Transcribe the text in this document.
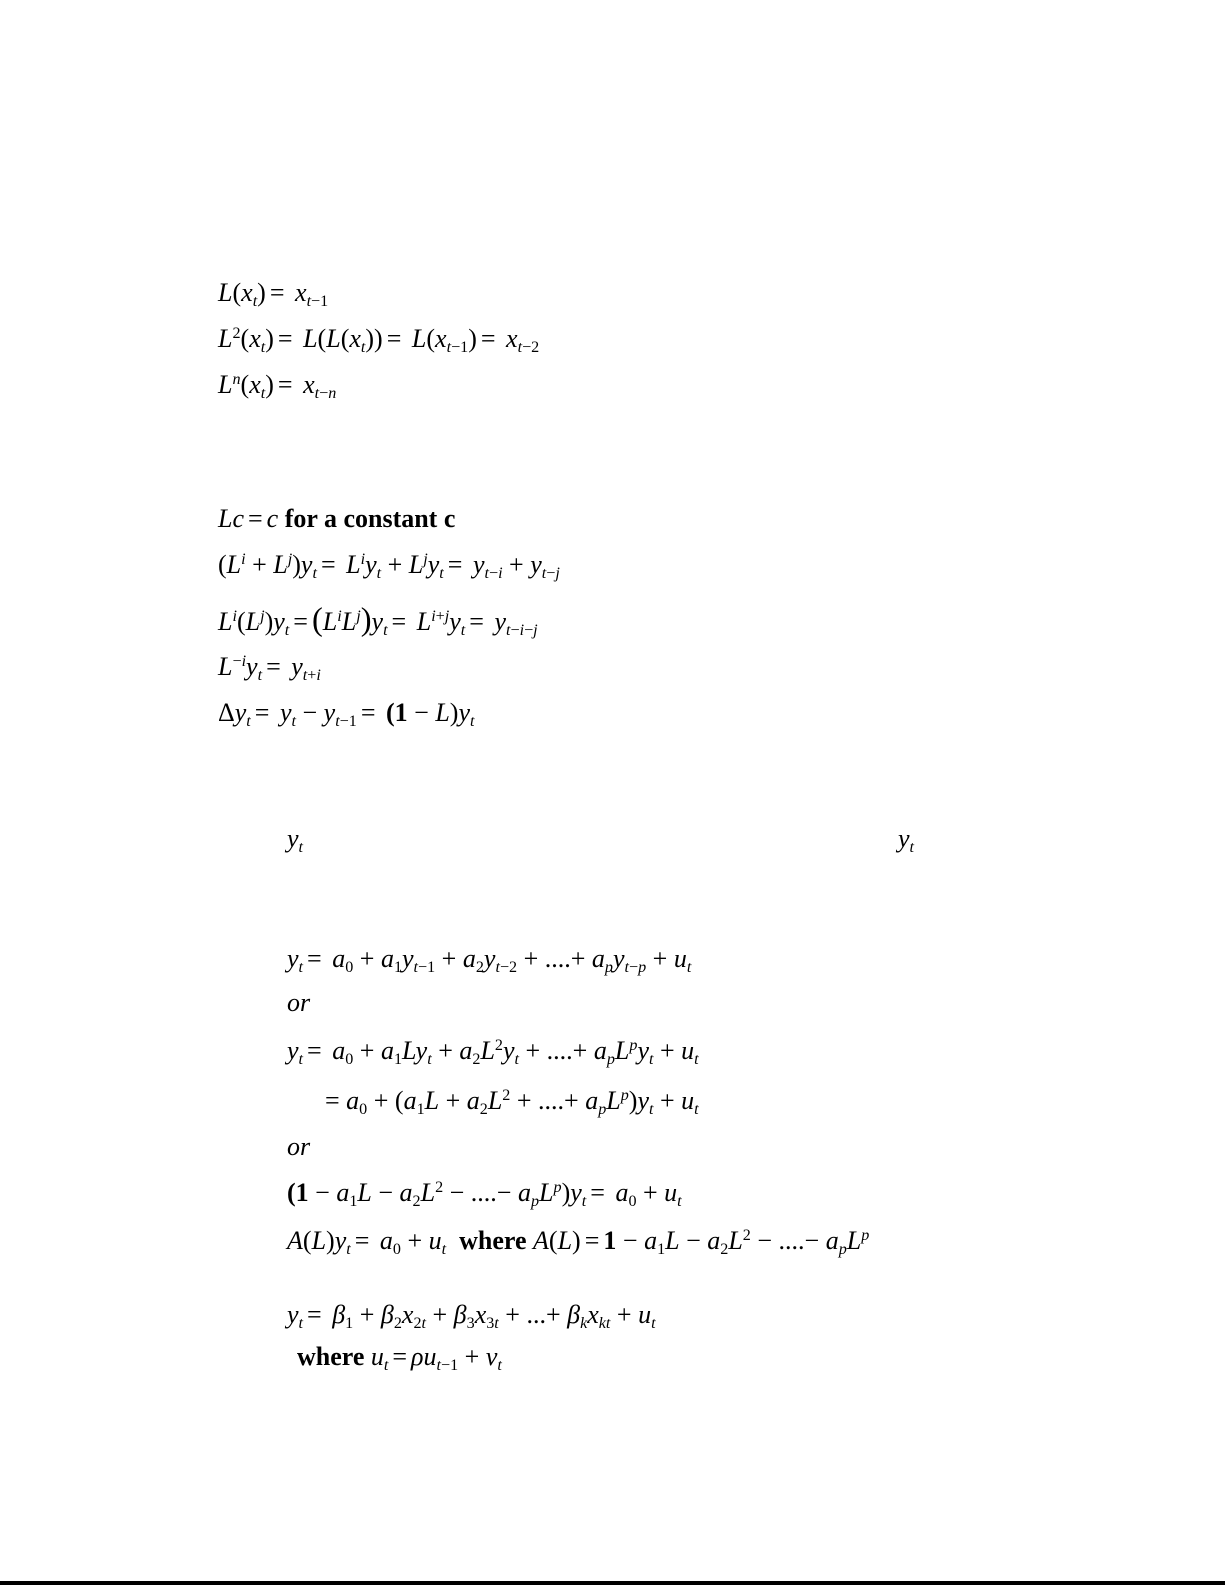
$L(x_t) = x_{t-1}$
$L^2(x_t) = L(L(x_t)) = L(x_{t-1}) = x_{t-2}$
$L^n(x_t) = x_{t-n}$
Lc = c for a constant c
$(L^i + L^j)y_t = L^iy_t + L^jy_t = y_{t-i} + y_{t-j}$
$L^i(L^j)y_t = (L^iL^j)y_t = L^{i+j}y_t = y_{t-i-j}$
$L^{-i}y_t = y_{t+i}$
$\Delta y_t = y_t - y_{t-1} = (1 - L)y_t$
$y_t$	$y_t$
$y_t = a_0 + a_1y_{t-1} + a_2y_{t-2}$ + ....+ $a_py_{t-p} + u_t$
or
$y_t = a_0 + a_1Ly_t + a_2L^2y_t$ + ....+ $a_pL^py_t + u_t$
= $a_0 + (a_1L + a_2L^2$ + ....+ $a_pL^p)y_t + u_t$
or
($1 - a_1L - a_2L^2$ − ....− $a_pL^p)y_t = a_0 + u_t$
$A(L)y_t = a_0 + u_t$ where $A(L) = 1 - a_1L - a_2L^2$ − ....− $a_pL^p$
$y_t = \beta_1 + \beta_2x_{2t} + \beta_3x_{3t}$ + ...+ $\beta_kx_{kt} + u_t$
where $u_t = \rho u_{t-1} + v_t$
